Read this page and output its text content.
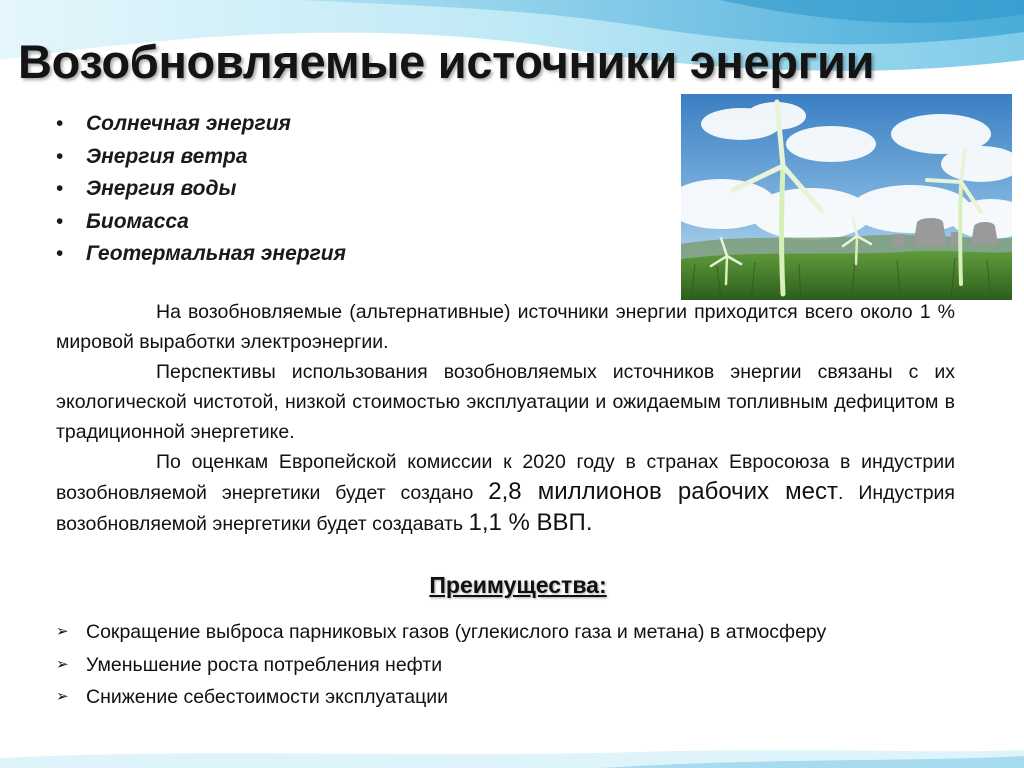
Возобновляемые источники энергии
• Солнечная энергия
• Энергия ветра
• Энергия воды
• Биомасса
• Геотермальная энергия

На возобновляемые (альтернативные) источники энергии приходится всего около 1 % мировой выработки электроэнергии.

Перспективы использования возобновляемых источников энергии связаны с их экологической чистотой, низкой стоимостью эксплуатации и ожидаемым топливным дефицитом в традиционной энергетике.

По оценкам Европейской комиссии к 2020 году в странах Евросоюза в индустрии возобновляемой энергетики будет создано 2,8 миллионов рабочих мест. Индустрия возобновляемой энергетики будет создавать 1,1 % ВВП.

Преимущества:
➢ Сокращение выброса парниковых газов (углекислого газа и метана) в атмосферу
➢ Уменьшение роста потребления нефти
➢ Снижение себестоимости эксплуатации
